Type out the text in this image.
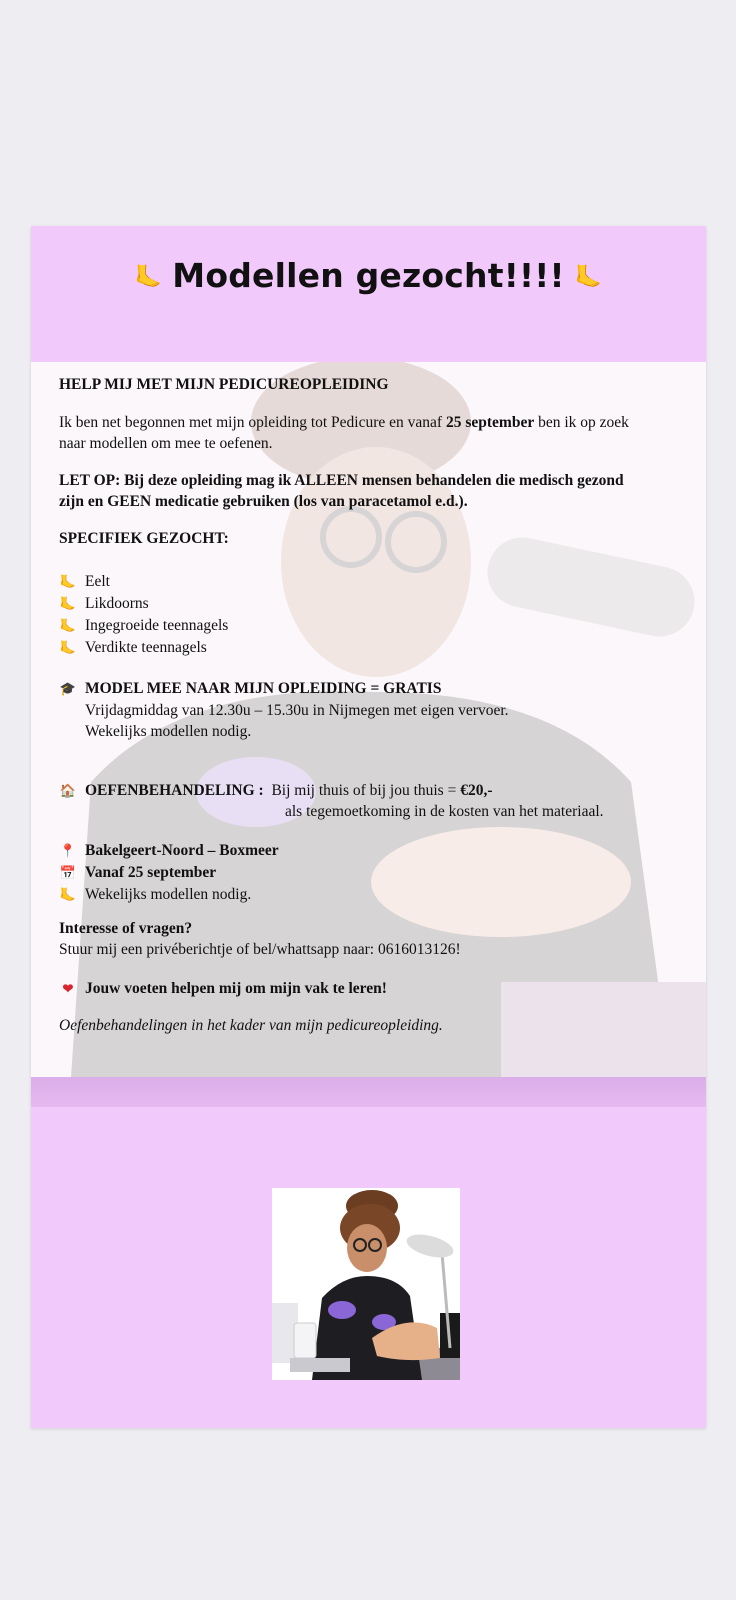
🦶 Modellen gezocht!!!! 🦶
HELP MIJ MET MIJN PEDICUREOPLEIDING
Ik ben net begonnen met mijn opleiding tot Pedicure en vanaf 25 september ben ik op zoek
naar modellen om mee te oefenen.
LET OP: Bij deze opleiding mag ik ALLEEN mensen behandelen die medisch gezond
zijn en GEEN medicatie gebruiken (los van paracetamol e.d.).
SPECIFIEK GEZOCHT:
🦶 Eelt
🦶 Likdoorns
🦶 Ingegroeide teennagels
🦶 Verdikte teennagels
🎓 MODEL MEE NAAR MIJN OPLEIDING = GRATIS
Vrijdagmiddag van 12.30u – 15.30u in Nijmegen met eigen vervoer.
Wekelijks modellen nodig.
🏠 OEFENBEHANDELING : Bij mij thuis of bij jou thuis = €20,-
als tegemoetkoming in de kosten van het materiaal.
📍 Bakelgeert-Noord – Boxmeer
📅 Vanaf 25 september
🦶 Wekelijks modellen nodig.
Interesse of vragen?
Stuur mij een privéberichtje of bel/whattsapp naar: 0616013126!
❤ Jouw voeten helpen mij om mijn vak te leren!
Oefenbehandelingen in het kader van mijn pedicureopleiding.
